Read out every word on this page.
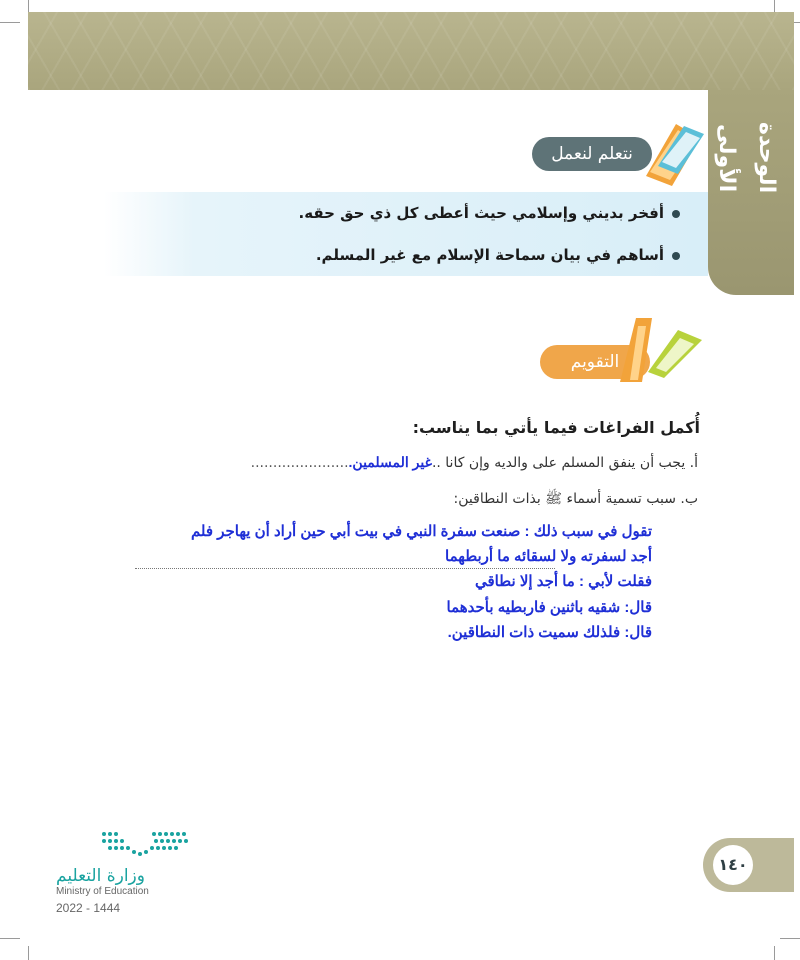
الوحدة الأولى
نتعلم لنعمل
أفخر بديني وإسلامي حيث أعطى كل ذي حق حقه.
أساهم في بيان سماحة الإسلام مع غير المسلم.
التقويم
أُكمل الفراغات فيما يأتي بما يناسب:
أ. يجب أن ينفق المسلم على والديه وإن كانا ..غير المسلمين.......................
ب. سبب تسمية أسماء ﷺ بذات النطاقين:
تقول في سبب ذلك : صنعت سفرة النبي في بيت أبي حين أراد أن يهاجر فلم
أجد لسفرته ولا لسقائه ما أربطهما
فقلت لأبي : ما أجد إلا نطاقي
قال: شقيه باثنين فاربطيه بأحدهما
قال: فلذلك سميت ذات النطاقين.
١٤٠
وزارة التعليم
Ministry of Education
2022 - 1444
